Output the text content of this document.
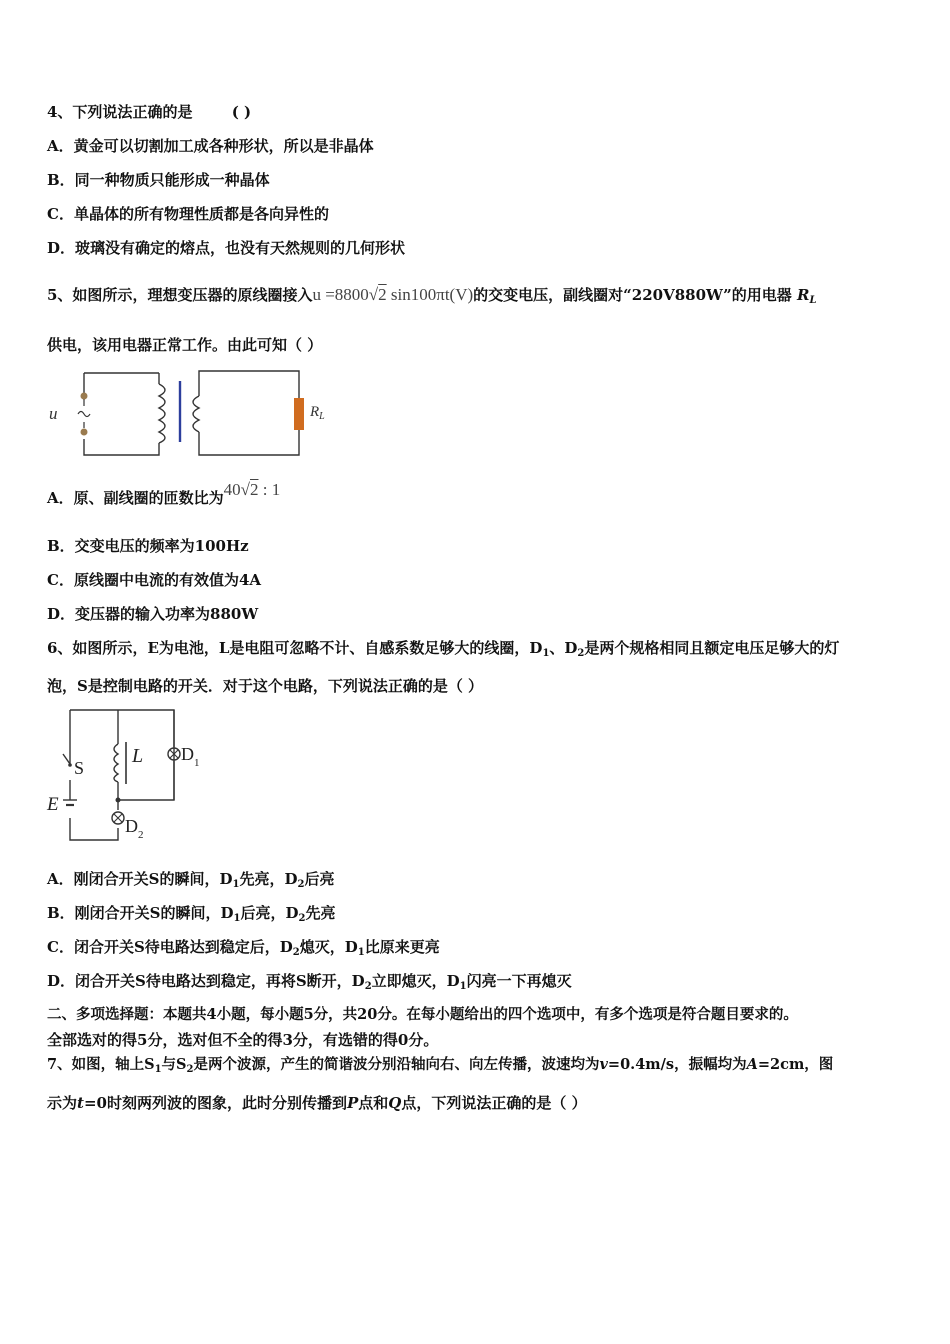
4、下列说法正确的是	( )
A．黄金可以切割加工成各种形状，所以是非晶体
B．同一种物质只能形成一种晶体
C．单晶体的所有物理性质都是各向异性的
D．玻璃没有确定的熔点，也没有天然规则的几何形状
5、如图所示，理想变压器的原线圈接入u =8800√2 sin100πt(V)的交变电压，副线圈对“220V880W”的用电器 $R_L$
供电，该用电器正常工作。由此可知（ ）
u	$R_L$
A．原、副线圈的匝数比为40√2 : 1
B．交变电压的频率为100Hz
C．原线圈中电流的有效值为4A
D．变压器的输入功率为880W
6、如图所示，E为电池，L是电阻可忽略不计、自感系数足够大的线圈，$D_1$、$D_2$是两个规格相同且额定电压足够大的灯
泡，S是控制电路的开关．对于这个电路，下列说法正确的是（ ）
$D_1$
L
$D_2$
S
E
A．刚闭合开关S的瞬间，$D_1$先亮，$D_2$后亮
B．刚闭合开关S的瞬间，$D_1$后亮，$D_2$先亮
C．闭合开关S待电路达到稳定后，$D_2$熄灭，$D_1$比原来更亮
D．闭合开关S待电路达到稳定，再将S断开，$D_2$立即熄灭，$D_1$闪亮一下再熄灭
二、多项选择题：本题共4小题，每小题5分，共20分。在每小题给出的四个选项中，有多个选项是符合题目要求的。
全部选对的得5分，选对但不全的得3分，有选错的得0分。
7、如图，轴上$S_1$与$S_2$是两个波源，产生的简谐波分别沿轴向右、向左传播，波速均为v=0.4m/s，振幅均为A=2cm，图
示为t=0时刻两列波的图象，此时分别传播到P点和Q点，下列说法正确的是（ ）
